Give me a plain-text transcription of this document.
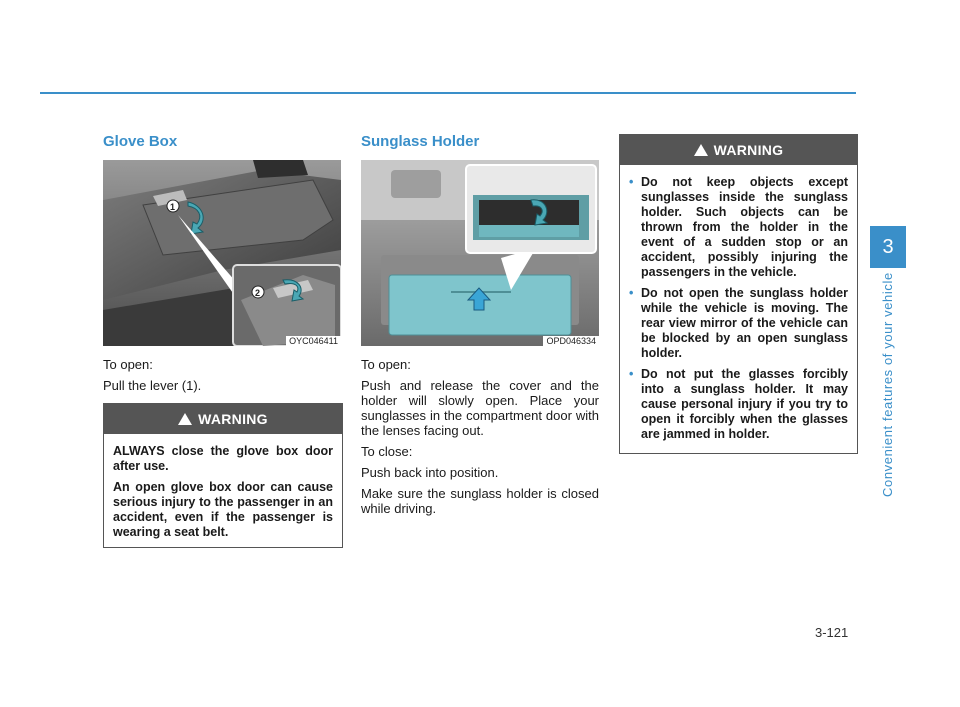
Glove Box
1
2
OYC046411

To open:

Pull the lever (1).

!WARNING

ALWAYS close the glove box door after use.

An open glove box door can cause serious injury to the passenger in an accident, even if the passenger is wearing a seat belt.

Sunglass Holder
OPD046334

To open:

Push and release the cover and the holder will slowly open. Place your sunglasses in the compartment door with the lenses facing out.

To close:

Push back into position.

Make sure the sunglass holder is closed while driving.

!WARNING
• Do not keep objects except sunglasses inside the sunglass holder. Such objects can be thrown from the holder in the event of a sudden stop or an accident, possibly injuring the passengers in the vehicle.
• Do not open the sunglass holder while the vehicle is moving. The rear view mirror of the vehicle can be blocked by an open sunglass holder.
• Do not put the glasses forcibly into a sunglass holder. It may cause personal injury if you try to open it forcibly when the glasses are jammed in holder.
3
Convenient features of your vehicle
3-121
